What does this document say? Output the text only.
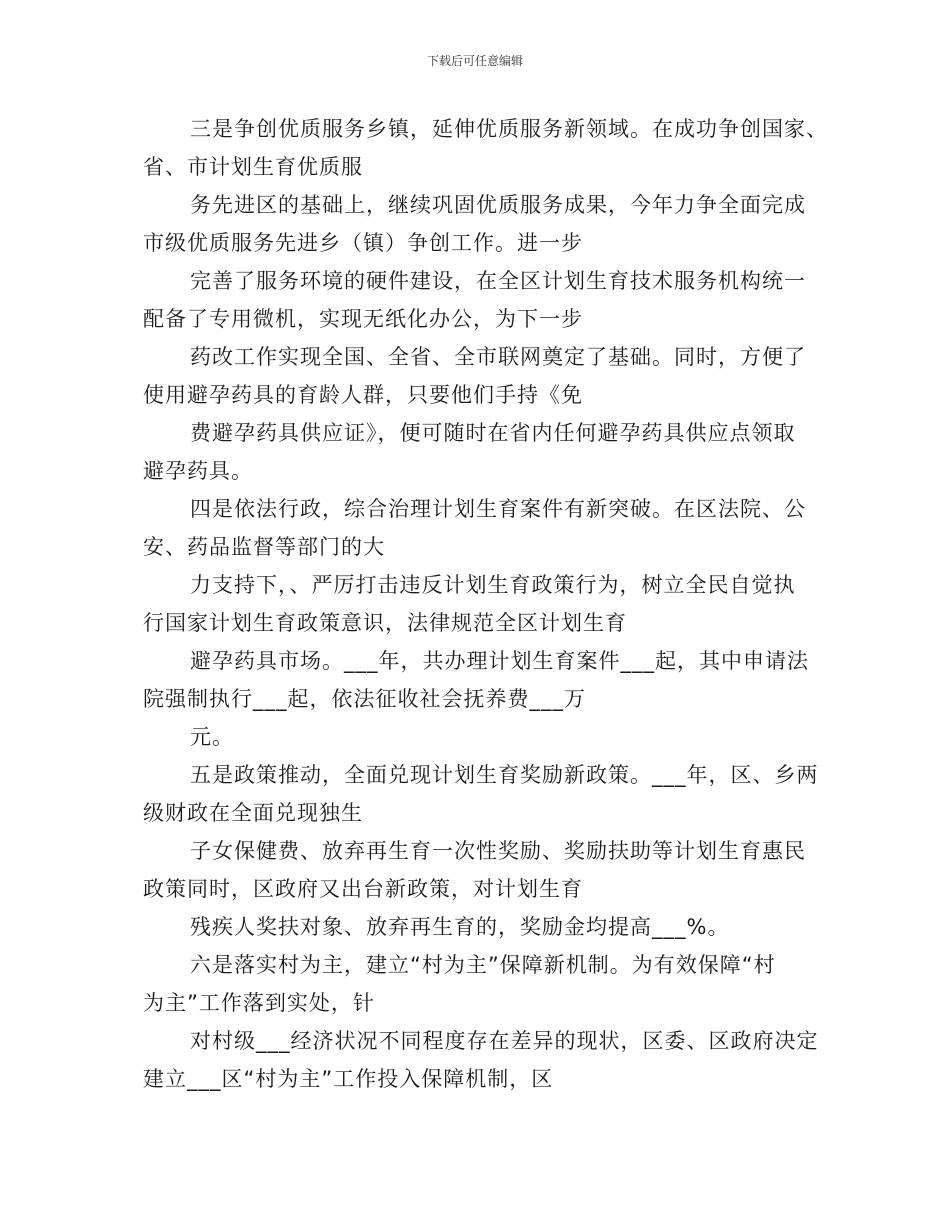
下载后可任意编辑
三是争创优质服务乡镇，延伸优质服务新领域。在成功争创国家、
省、市计划生育优质服
务先进区的基础上，继续巩固优质服务成果，今年力争全面完成
市级优质服务先进乡（镇）争创工作。进一步
完善了服务环境的硬件建设，在全区计划生育技术服务机构统一
配备了专用微机，实现无纸化办公，为下一步
药改工作实现全国、全省、全市联网奠定了基础。同时，方便了
使用避孕药具的育龄人群，只要他们手持《免
费避孕药具供应证》，便可随时在省内任何避孕药具供应点领取
避孕药具。
四是依法行政，综合治理计划生育案件有新突破。在区法院、公
安、药品监督等部门的大
力支持下，、严厉打击违反计划生育政策行为，树立全民自觉执
行国家计划生育政策意识，法律规范全区计划生育
避孕药具市场。___年，共办理计划生育案件___起，其中申请法
院强制执行___起，依法征收社会抚养费___万
元。
五是政策推动，全面兑现计划生育奖励新政策。___年，区、乡两
级财政在全面兑现独生
子女保健费、放弃再生育一次性奖励、奖励扶助等计划生育惠民
政策同时，区政府又出台新政策，对计划生育
残疾人奖扶对象、放弃再生育的，奖励金均提高___%。
六是落实村为主，建立“村为主”保障新机制。为有效保障“村
为主”工作落到实处，针
对村级___经济状况不同程度存在差异的现状，区委、区政府决定
建立___区“村为主”工作投入保障机制，区
